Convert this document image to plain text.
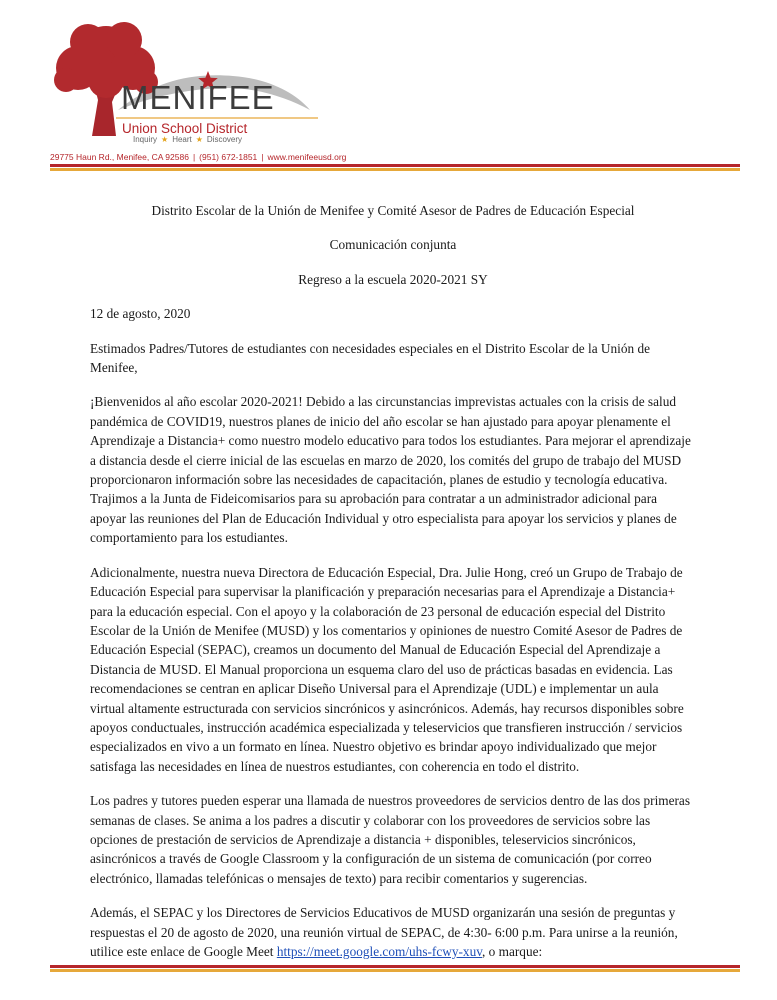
MENIFEE
Union School District
Inquiry ★ Heart ★ Discovery
29775 Haun Rd., Menifee, CA 92586 | (951) 672-1851 | www.menifeeusd.org

Distrito Escolar de la Unión de Menifee y Comité Asesor de Padres de Educación Especial

Comunicación conjunta

Regreso a la escuela 2020-2021 SY

12 de agosto, 2020

Estimados Padres/Tutores de estudiantes con necesidades especiales en el Distrito Escolar de la Unión de Menifee,

¡Bienvenidos al año escolar 2020-2021! Debido a las circunstancias imprevistas actuales con la crisis de salud pandémica de COVID19, nuestros planes de inicio del año escolar se han ajustado para apoyar plenamente el Aprendizaje a Distancia+ como nuestro modelo educativo para todos los estudiantes. Para mejorar el aprendizaje a distancia desde el cierre inicial de las escuelas en marzo de 2020, los comités del grupo de trabajo del MUSD proporcionaron información sobre las necesidades de capacitación, planes de estudio y tecnología educativa. Trajimos a la Junta de Fideicomisarios para su aprobación para contratar a un administrador adicional para apoyar las reuniones del Plan de Educación Individual y otro especialista para apoyar los servicios y planes de comportamiento para los estudiantes.

Adicionalmente, nuestra nueva Directora de Educación Especial, Dra. Julie Hong, creó un Grupo de Trabajo de Educación Especial para supervisar la planificación y preparación necesarias para el Aprendizaje a Distancia+ para la educación especial. Con el apoyo y la colaboración de 23 personal de educación especial del Distrito Escolar de la Unión de Menifee (MUSD) y los comentarios y opiniones de nuestro Comité Asesor de Padres de Educación Especial (SEPAC), creamos un documento del Manual de Educación Especial del Aprendizaje a Distancia de MUSD. El Manual proporciona un esquema claro del uso de prácticas basadas en evidencia. Las recomendaciones se centran en aplicar Diseño Universal para el Aprendizaje (UDL) e implementar un aula virtual altamente estructurada con servicios sincrónicos y asincrónicos. Además, hay recursos disponibles sobre apoyos conductuales, instrucción académica especializada y teleservicios que transfieren instrucción / servicios especializados en vivo a un formato en línea. Nuestro objetivo es brindar apoyo individualizado que mejor satisfaga las necesidades en línea de nuestros estudiantes, con coherencia en todo el distrito.

Los padres y tutores pueden esperar una llamada de nuestros proveedores de servicios dentro de las dos primeras semanas de clases. Se anima a los padres a discutir y colaborar con los proveedores de servicios sobre las opciones de prestación de servicios de Aprendizaje a distancia + disponibles, teleservicios sincrónicos, asincrónicos a través de Google Classroom y la configuración de un sistema de comunicación (por correo electrónico, llamadas telefónicas o mensajes de texto) para recibir comentarios y sugerencias.

Además, el SEPAC y los Directores de Servicios Educativos de MUSD organizarán una sesión de preguntas y respuestas el 20 de agosto de 2020, una reunión virtual de SEPAC, de 4:30- 6:00 p.m. Para unirse a la reunión, utilice este enlace de Google Meet https://meet.google.com/uhs-fcwy-xuv, o marque:
